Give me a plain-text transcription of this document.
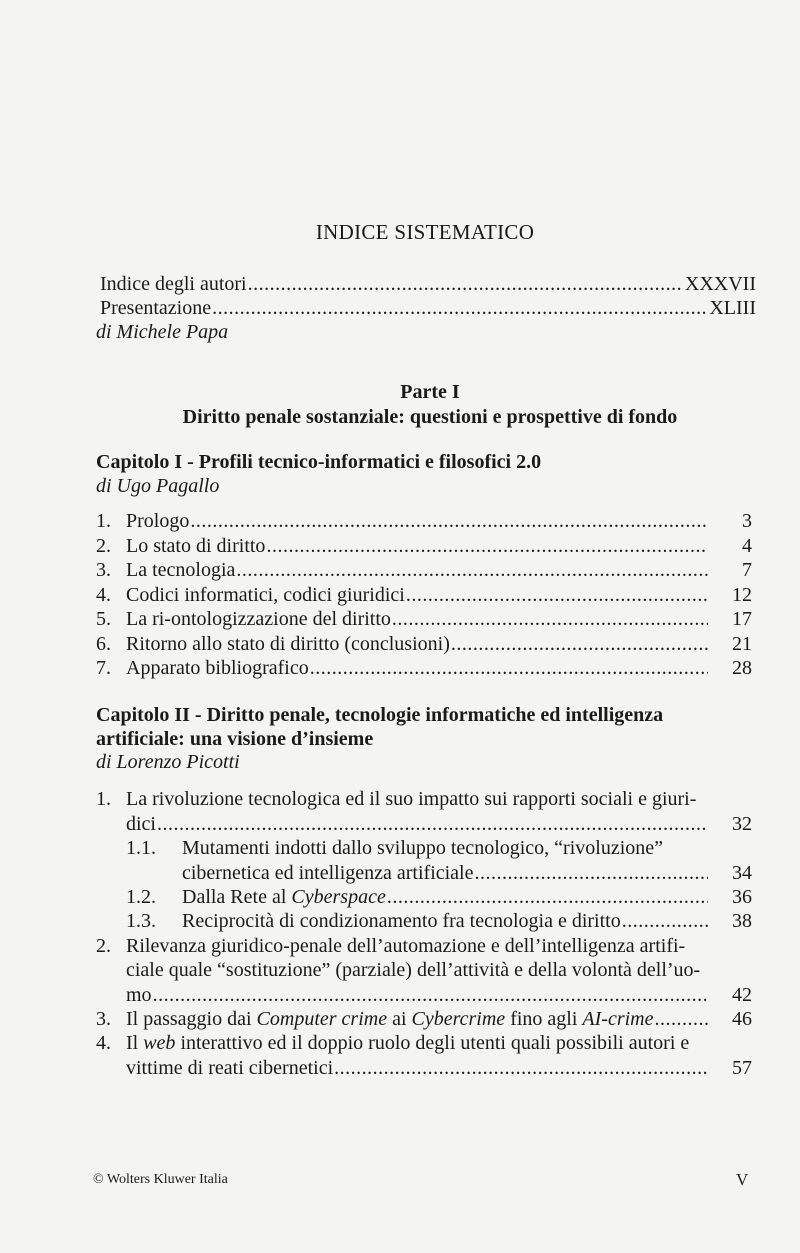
INDICE SISTEMATICO
Indice degli autori .....	XXXVII
Presentazione .....	XLIII
di Michele Papa
Parte I
Diritto penale sostanziale: questioni e prospettive di fondo
Capitolo I - Profili tecnico-informatici e filosofici 2.0
di Ugo Pagallo
1. Prologo .....	3
2. Lo stato di diritto .....	4
3. La tecnologia .....	7
4. Codici informatici, codici giuridici .....	12
5. La ri-ontologizzazione del diritto .....	17
6. Ritorno allo stato di diritto (conclusioni) .....	21
7. Apparato bibliografico .....	28
Capitolo II - Diritto penale, tecnologie informatiche ed intelligenza
artificiale: una visione d’insieme
di Lorenzo Picotti
1. La rivoluzione tecnologica ed il suo impatto sui rapporti sociali e giuri-
dici .....	32
1.1. Mutamenti indotti dallo sviluppo tecnologico, “rivoluzione”
cibernetica ed intelligenza artificiale .....	34
1.2.	Dalla Rete al Cyberspace .....	36
1.3.	Reciprocità di condizionamento fra tecnologia e diritto .....	38
2. Rilevanza giuridico-penale dell’automazione e dell’intelligenza artifi-
ciale quale “sostituzione” (parziale) dell’attività e della volontà dell’uo-
mo .....	42
3. Il passaggio dai Computer crime ai Cybercrime fino agli AI-crime .....	46
4. Il web interattivo ed il doppio ruolo degli utenti quali possibili autori e
vittime di reati cibernetici .....	57
© Wolters Kluwer Italia	V
